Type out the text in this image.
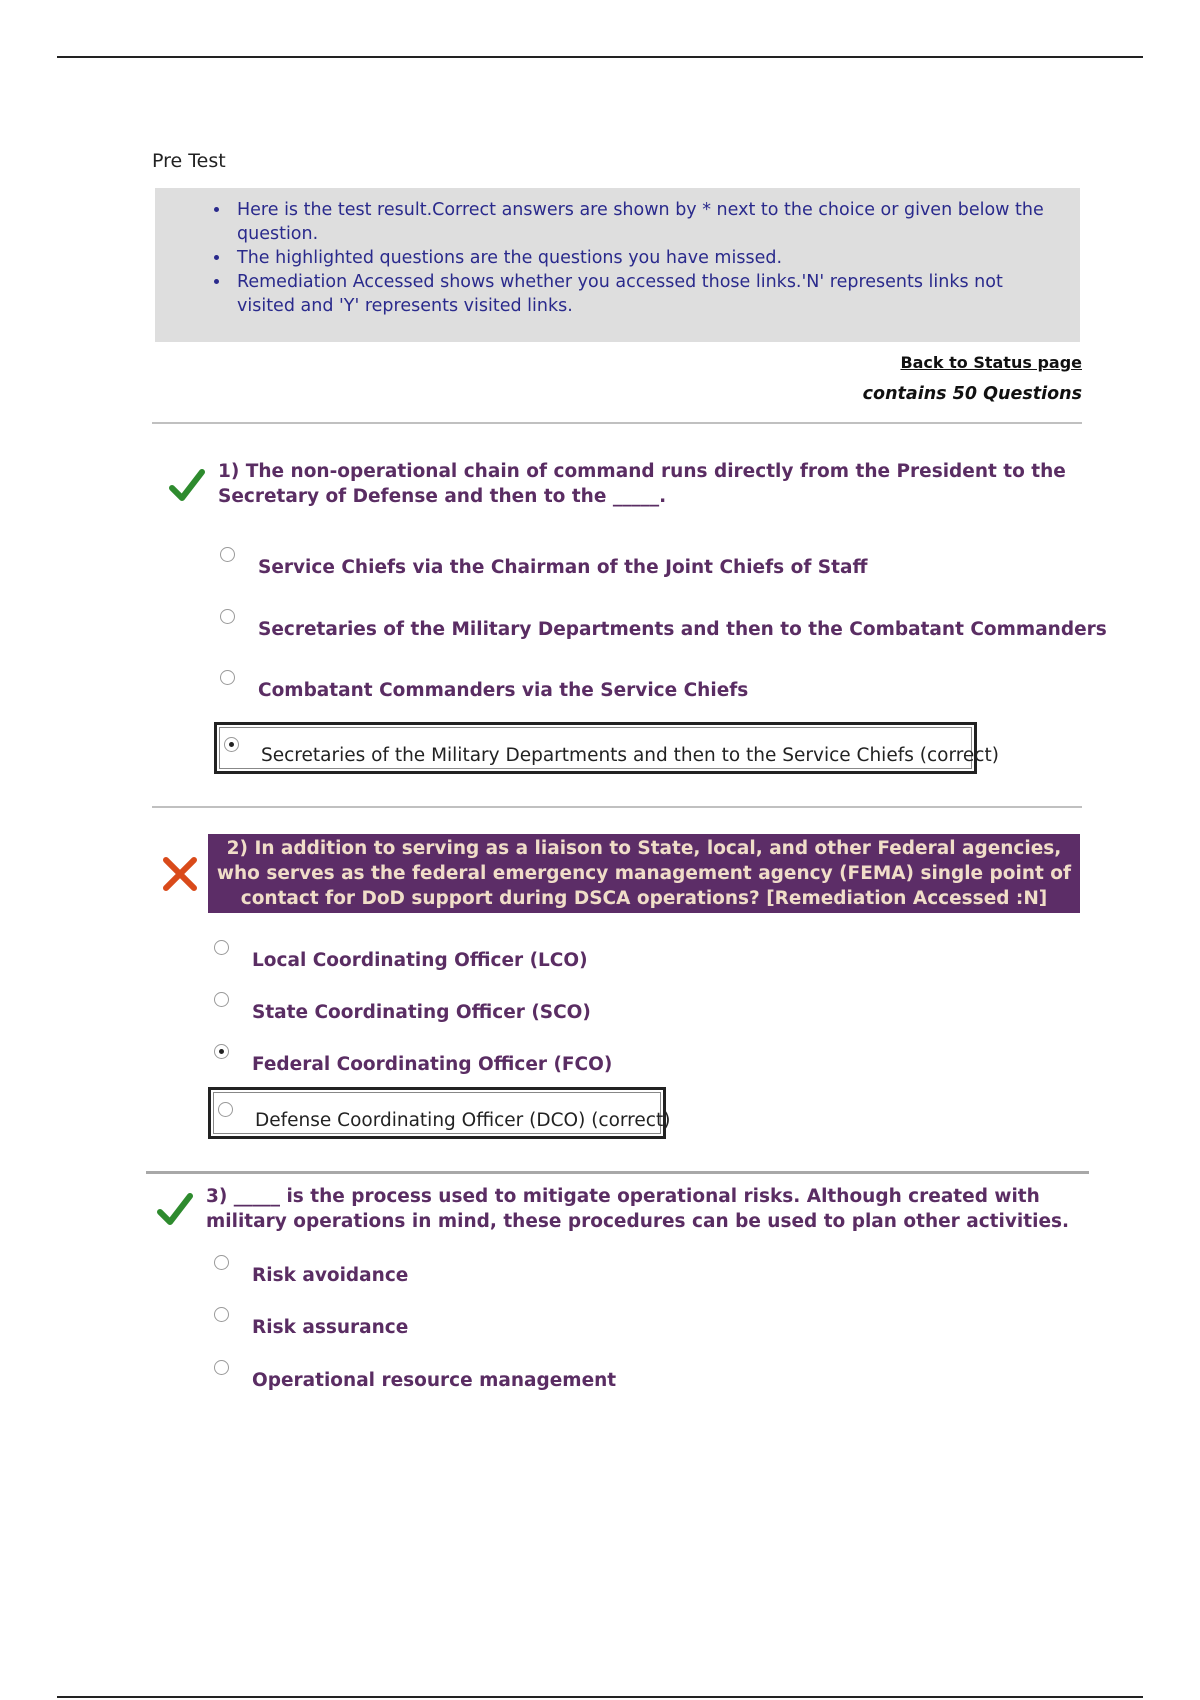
Pre Test
• Here is the test result.Correct answers are shown by * next to the choice or given below the question.
• The highlighted questions are the questions you have missed.
• Remediation Accessed shows whether you accessed those links.'N' represents links not visited and 'Y' represents visited links.
Back to Status page
contains 50 Questions
1) The non-operational chain of command runs directly from the President to the Secretary of Defense and then to the _____.
Service Chiefs via the Chairman of the Joint Chiefs of Staff
Secretaries of the Military Departments and then to the Combatant Commanders
Combatant Commanders via the Service Chiefs
Secretaries of the Military Departments and then to the Service Chiefs (correct)
2) In addition to serving as a liaison to State, local, and other Federal agencies, who serves as the federal emergency management agency (FEMA) single point of contact for DoD support during DSCA operations? [Remediation Accessed :N]
Local Coordinating Officer (LCO)
State Coordinating Officer (SCO)
Federal Coordinating Officer (FCO)
Defense Coordinating Officer (DCO) (correct)
3) _____ is the process used to mitigate operational risks. Although created with military operations in mind, these procedures can be used to plan other activities.
Risk avoidance
Risk assurance
Operational resource management
